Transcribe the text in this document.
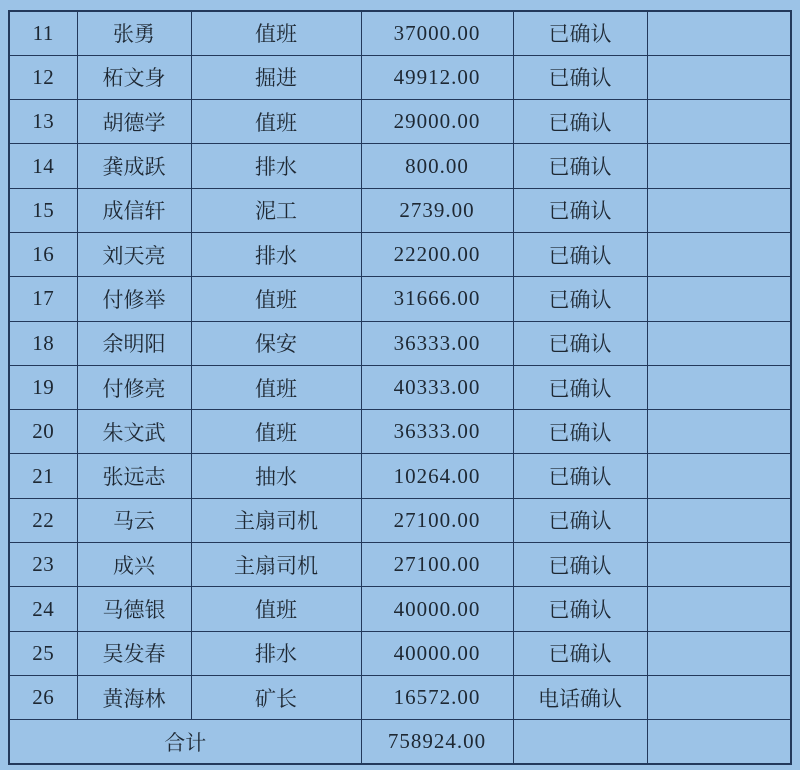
11	张勇	值班	37000.00	已确认	
12	柘文身	掘进	49912.00	已确认	
13	胡德学	值班	29000.00	已确认	
14	龚成跃	排水	800.00	已确认	
15	成信轩	泥工	2739.00	已确认	
16	刘天亮	排水	22200.00	已确认	
17	付修举	值班	31666.00	已确认	
18	余明阳	保安	36333.00	已确认	
19	付修亮	值班	40333.00	已确认	
20	朱文武	值班	36333.00	已确认	
21	张远志	抽水	10264.00	已确认	
22	马云	主扇司机	27100.00	已确认	
23	成兴	主扇司机	27100.00	已确认	
24	马德银	值班	40000.00	已确认	
25	吴发春	排水	40000.00	已确认	
26	黄海林	矿长	16572.00	电话确认	
合计			758924.00		
